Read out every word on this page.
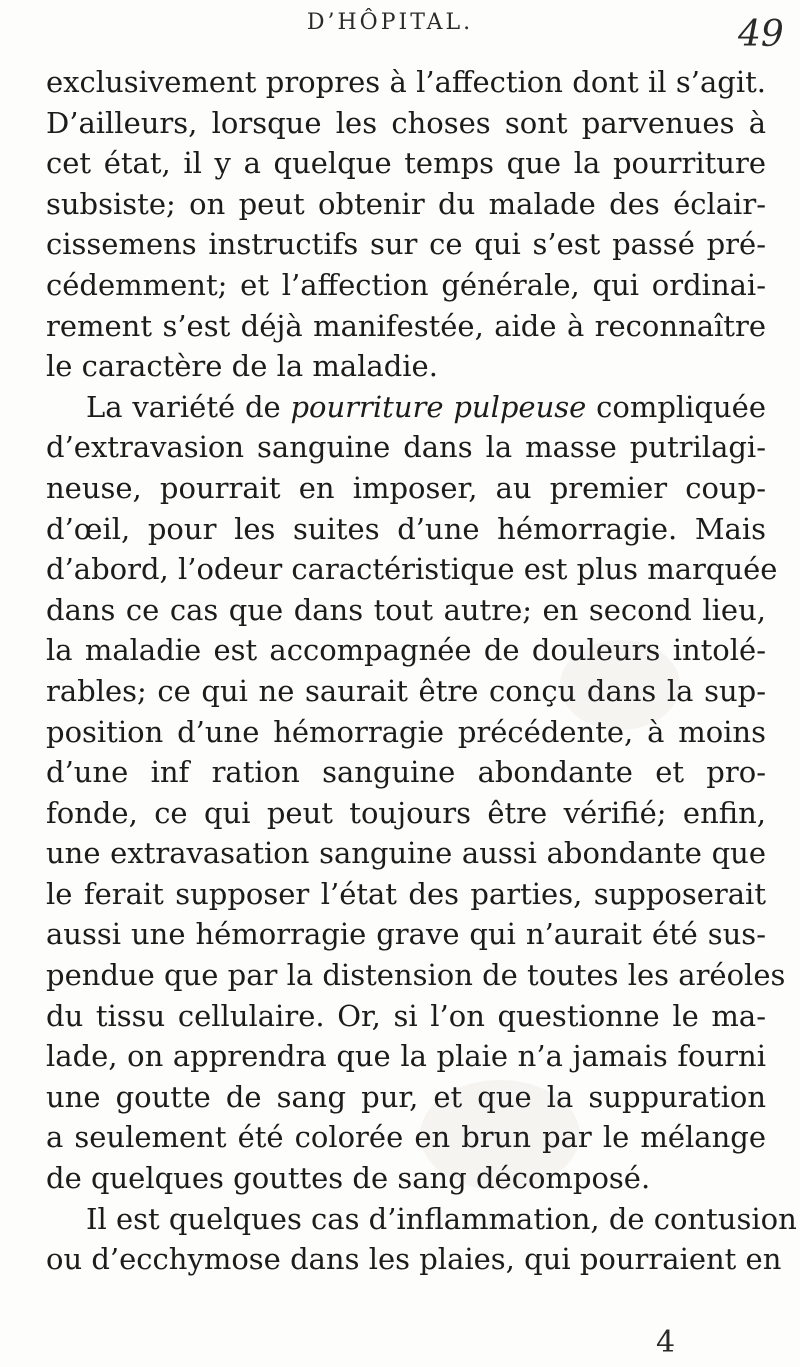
D’HÔPITAL.	49
exclusivement propres à l’affection dont il s’agit.
D’ailleurs, lorsque les choses sont parvenues à
cet état, il y a quelque temps que la pourriture
subsiste; on peut obtenir du malade des éclair-
cissemens instructifs sur ce qui s’est passé pré-
cédemment; et l’affection générale, qui ordinai-
rement s’est déjà manifestée, aide à reconnaître
le caractère de la maladie.
La variété de pourriture pulpeuse compliquée
d’extravasion sanguine dans la masse putrilagi-
neuse, pourrait en imposer, au premier coup-
d’œil, pour les suites d’une hémorragie. Mais
d’abord, l’odeur caractéristique est plus marquée
dans ce cas que dans tout autre; en second lieu,
la maladie est accompagnée de douleurs intolé-
rables; ce qui ne saurait être conçu dans la sup-
position d’une hémorragie précédente, à moins
d’une inf ration sanguine abondante et pro-
fonde, ce qui peut toujours être vérifié; enfin,
une extravasation sanguine aussi abondante que
le ferait supposer l’état des parties, supposerait
aussi une hémorragie grave qui n’aurait été sus-
pendue que par la distension de toutes les aréoles
du tissu cellulaire. Or, si l’on questionne le ma-
lade, on apprendra que la plaie n’a jamais fourni
une goutte de sang pur, et que la suppuration
a seulement été colorée en brun par le mélange
de quelques gouttes de sang décomposé.
Il est quelques cas d’inflammation, de contusion
ou d’ecchymose dans les plaies, qui pourraient en
4
